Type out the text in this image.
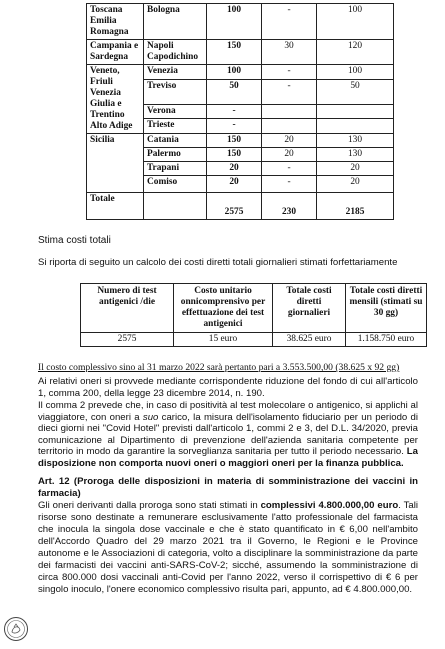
Toscana Emilia Romagna	Bologna	100	-	100
Campania e Sardegna	Napoli Capodichino	150	30	120
Veneto, Friuli Venezia Giulia e Trentino Alto Adige	Venezia	100	-	100
	Treviso	50	-	50
	Verona	-		
	Trieste	-		
Sicilia	Catania	150	20	130
	Palermo	150	20	130
	Trapani	20	-	20
	Comiso	20	-	20
Totale		2575	230	2185
Stima costi totali
Si riporta di seguito un calcolo dei costi diretti totali giornalieri stimati forfettariamente
Numero di test antigenici /die	Costo unitario onnicomprensivo per effettuazione dei test antigenici	Totale costi diretti giornalieri	Totale costi diretti mensili (stimati su 30 gg)
2575	15 euro	38.625 euro	1.158.750 euro
Il costo complessivo sino al 31 marzo 2022 sarà pertanto pari a 3.553.500,00 (38.625 x 92 gg)
Ai relativi oneri si provvede mediante corrispondente riduzione del fondo di cui all'articolo 1, comma 200, della legge 23 dicembre 2014, n. 190.
Il comma 2 prevede che, in caso di positività al test molecolare o antigenico, si applichi al viaggiatore, con oneri a suo carico, la misura dell'isolamento fiduciario per un periodo di dieci giorni nei "Covid Hotel" previsti dall'articolo 1, commi 2 e 3, del D.L. 34/2020, previa comunicazione al Dipartimento di prevenzione dell'azienda sanitaria competente per territorio in modo da garantire la sorveglianza sanitaria per tutto il periodo necessario. La disposizione non comporta nuovi oneri o maggiori oneri per la finanza pubblica.
Art. 12 (Proroga delle disposizioni in materia di somministrazione dei vaccini in farmacia)
Gli oneri derivanti dalla proroga sono stati stimati in complessivi 4.800.000,00 euro. Tali risorse sono destinate a remunerare esclusivamente l'atto professionale del farmacista che inocula la singola dose vaccinale e che è stato quantificato in € 6,00 nell'ambito dell'Accordo Quadro del 29 marzo 2021 tra il Governo, le Regioni e le Province autonome e le Associazioni di categoria, volto a disciplinare la somministrazione da parte dei farmacisti dei vaccini anti-SARS-CoV-2; sicché, assumendo la somministrazione di circa 800.000 dosi vaccinali anti-Covid per l'anno 2022, verso il corrispettivo di € 6 per singolo inoculo, l'onere economico complessivo risulta pari, appunto, ad € 4.800.000,00.
